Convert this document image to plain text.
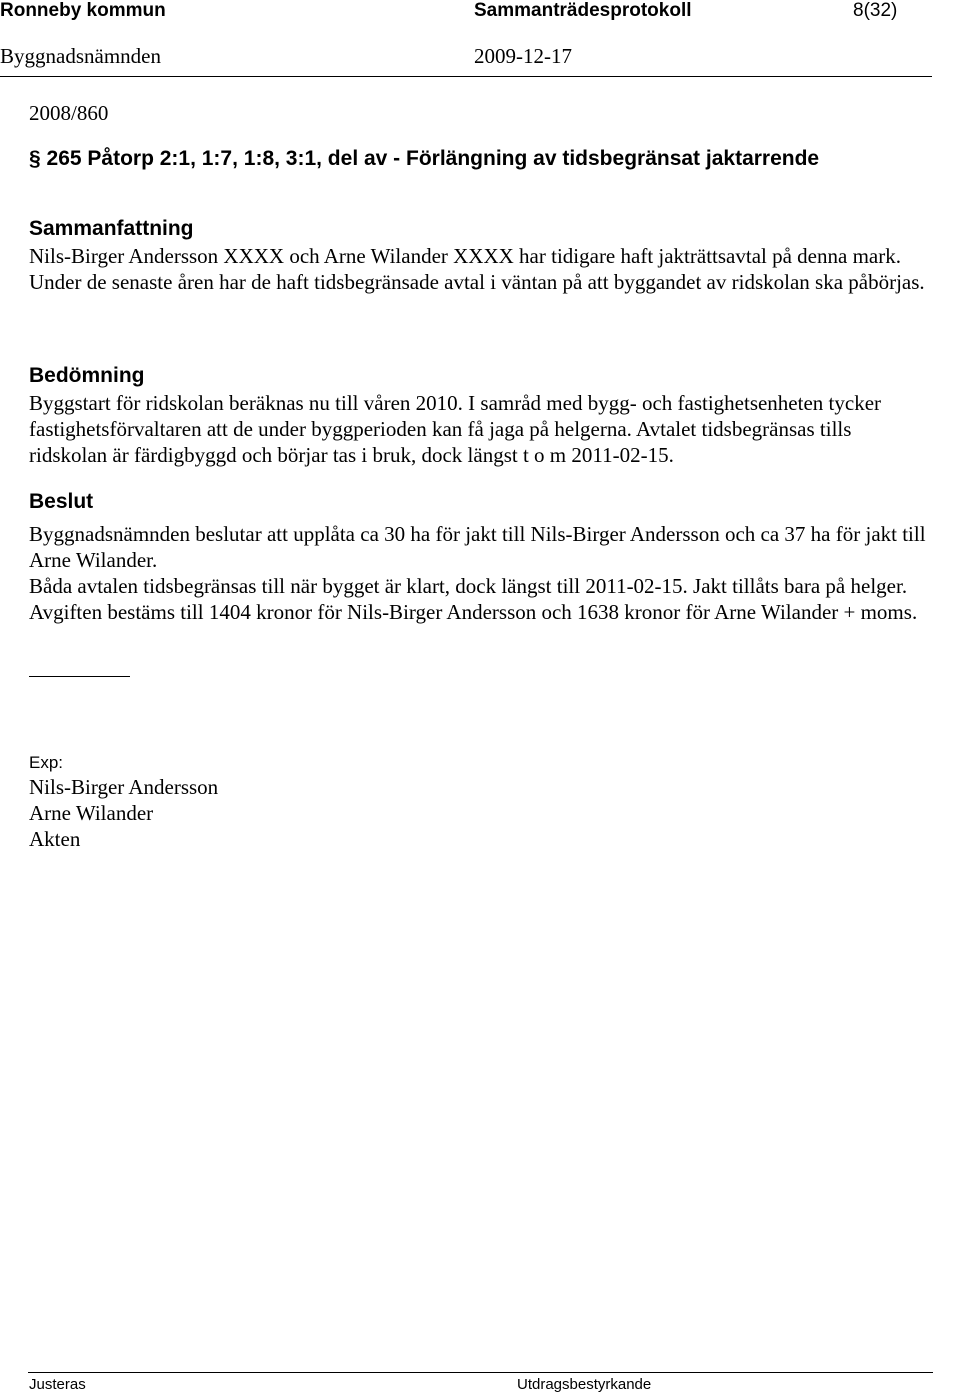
Ronneby kommun	Sammanträdesprotokoll	8(32)
Byggnadsnämnden	2009-12-17
2008/860
§ 265 Påtorp 2:1, 1:7, 1:8, 3:1, del av - Förlängning av tidsbegränsat jaktarrende
Sammanfattning
Nils-Birger Andersson XXXX och Arne Wilander XXXX har tidigare haft jakträttsavtal på denna mark. Under de senaste åren har de haft tidsbegränsade avtal i väntan på att byggandet av ridskolan ska påbörjas.
Bedömning
Byggstart för ridskolan beräknas nu till våren 2010. I samråd med bygg- och fastighetsenheten tycker fastighetsförvaltaren att de under byggperioden kan få jaga på helgerna. Avtalet tidsbegränsas tills ridskolan är färdigbyggd och börjar tas i bruk, dock längst t o m 2011-02-15.
Beslut
Byggnadsnämnden beslutar att upplåta ca 30 ha för jakt till Nils-Birger Andersson och ca 37 ha för jakt till Arne Wilander.
Båda avtalen tidsbegränsas till när bygget är klart, dock längst till 2011-02-15. Jakt tillåts bara på helger. Avgiften bestäms till 1404 kronor för Nils-Birger Andersson och 1638 kronor för Arne Wilander + moms.
Exp:
Nils-Birger Andersson
Arne Wilander
Akten
Justeras	Utdragsbestyrkande
